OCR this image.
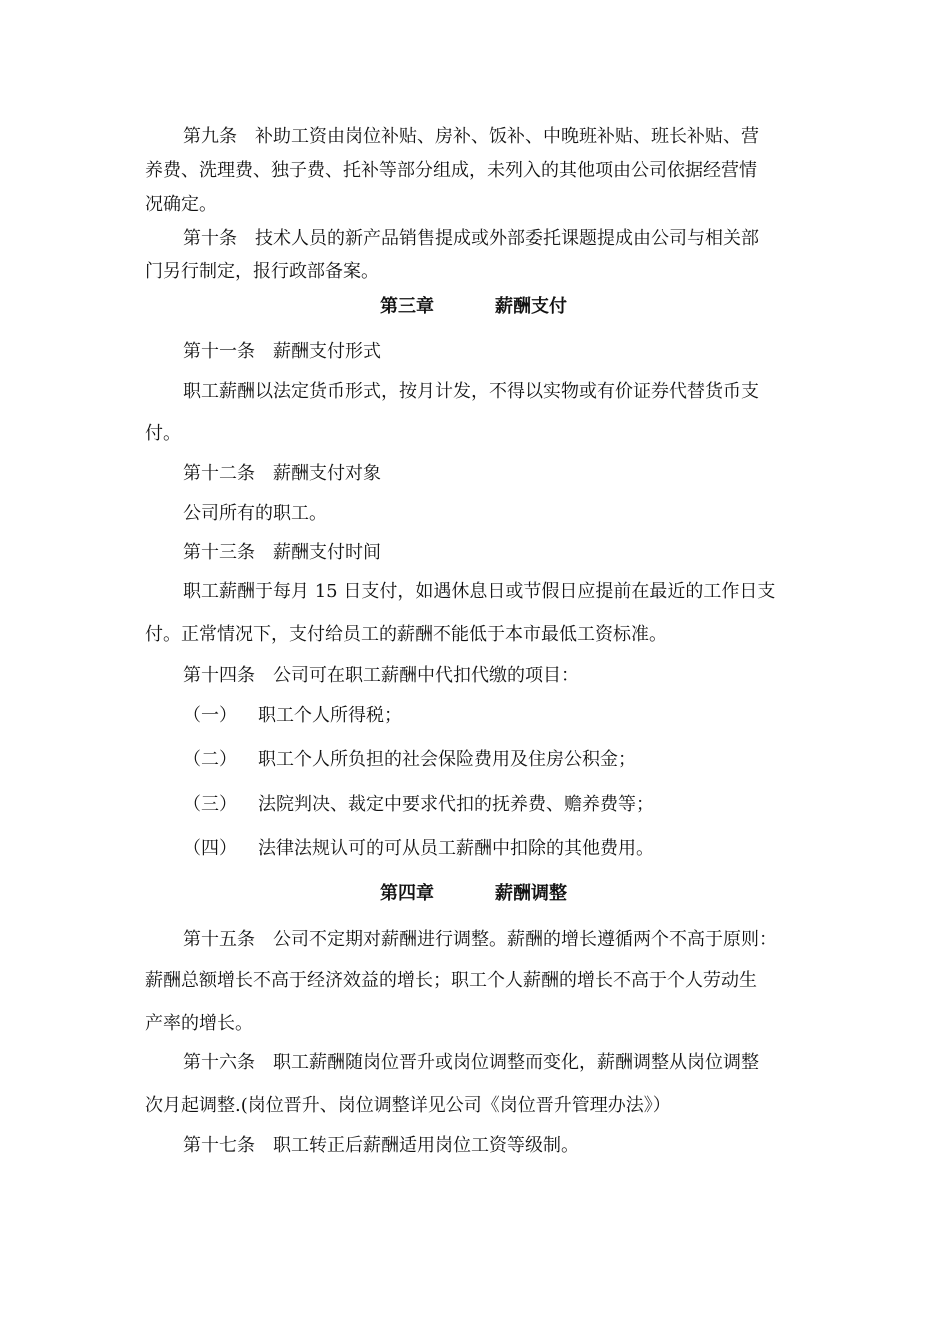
第九条　补助工资由岗位补贴、房补、饭补、中晚班补贴、班长补贴、营
养费、洗理费、独子费、托补等部分组成，未列入的其他项由公司依据经营情
况确定。
第十条　技术人员的新产品销售提成或外部委托课题提成由公司与相关部
门另行制定，报行政部备案。
第三章	薪酬支付
第十一条　薪酬支付形式
职工薪酬以法定货币形式，按月计发，不得以实物或有价证券代替货币支
付。
第十二条　薪酬支付对象
公司所有的职工。
第十三条　薪酬支付时间
职工薪酬于每月 15 日支付，如遇休息日或节假日应提前在最近的工作日支
付。正常情况下，支付给员工的薪酬不能低于本市最低工资标准。
第十四条　公司可在职工薪酬中代扣代缴的项目：
（一） 职工个人所得税；
（二） 职工个人所负担的社会保险费用及住房公积金；
（三） 法院判决、裁定中要求代扣的抚养费、赡养费等；
（四） 法律法规认可的可从员工薪酬中扣除的其他费用。
第四章	薪酬调整
第十五条　公司不定期对薪酬进行调整。薪酬的增长遵循两个不高于原则：
薪酬总额增长不高于经济效益的增长；职工个人薪酬的增长不高于个人劳动生
产率的增长。
第十六条　职工薪酬随岗位晋升或岗位调整而变化，薪酬调整从岗位调整
次月起调整.(岗位晋升、岗位调整详见公司《岗位晋升管理办法》）
第十七条　职工转正后薪酬适用岗位工资等级制。
